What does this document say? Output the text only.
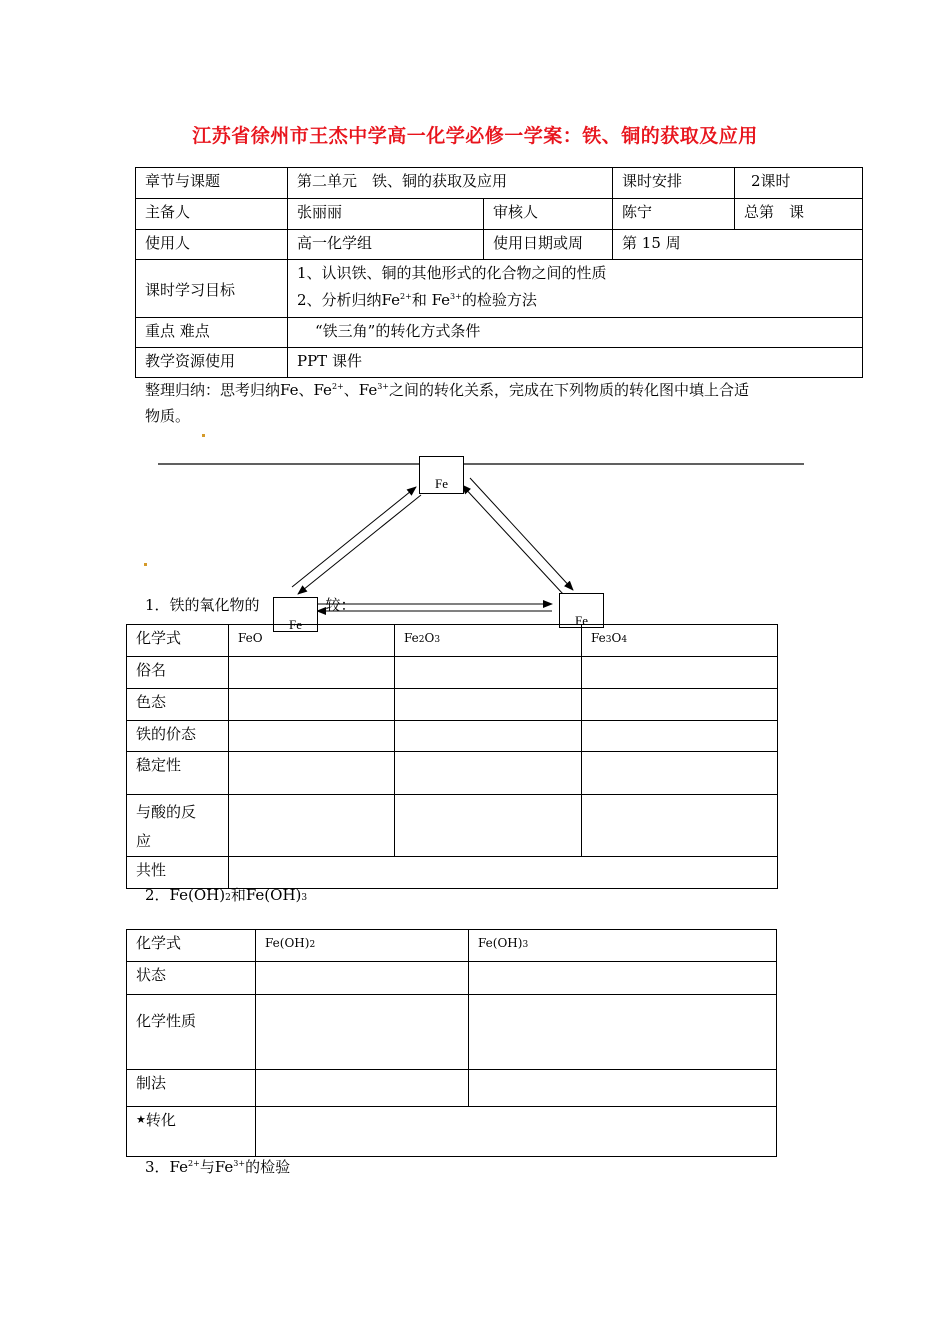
江苏省徐州市王杰中学高一化学必修一学案：铁、铜的获取及应用
章节与课题	第二单元　铁、铜的获取及应用		课时安排	2课时
主备人	张丽丽	审核人	陈宁	总第　课
使用人	高一化学组	使用日期或周	第 15 周	
课时学习目标	1、认识铁、铜的其他形式的化合物之间的性质
2、分析归纳$Fe^{2+}$和 $Fe^{3+}$的检验方法			

重点 难点	“铁三角”的转化方式条件			
教学资源使用	PPT 课件			
整理归纳：思考归纳Fe、$Fe^{2+}$、$Fe^{3+}$之间的转化关系，完成在下列物质的转化图中填上合适
物质。
1．铁的氧化物的	较：
Fe
Fe	Fe
化学式	FeO	Fe2O3	Fe3O4
俗名			
色态			
铁的价态			
稳定性			

与酸的反
应			

共性			
2．Fe(OH)2和Fe(OH)3
化学式	Fe(OH)2	Fe(OH)3
状态		

化学性质		

制法		
★转化		
3．$Fe^{2+}$与$Fe^{3+}$的检验
